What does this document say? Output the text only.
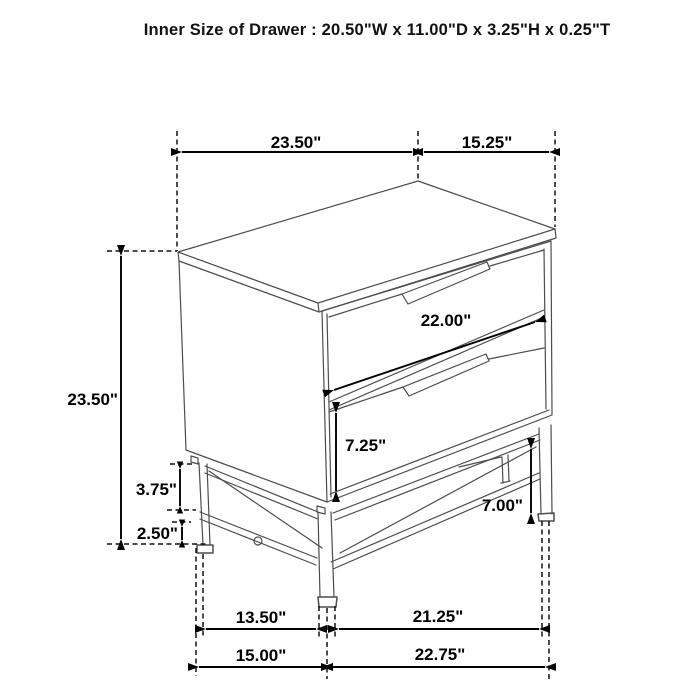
Inner Size of Drawer : 20.50"W x 11.00"D x 3.25"H x 0.25"T
23.50"	15.25"
23.50"
3.75"
2.50"
22.00"
7.25"
7.00"
13.50"	21.25"
15.00"	22.75"
